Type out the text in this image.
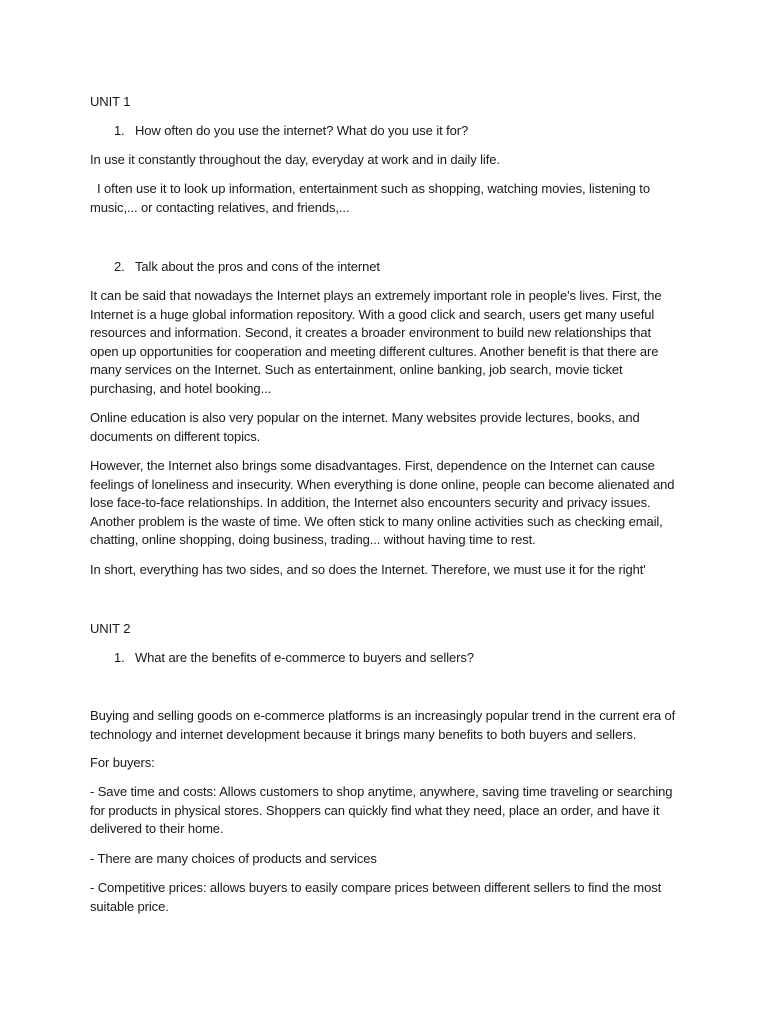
UNIT 1

1. How often do you use the internet? What do you use it for?

In use it constantly throughout the day, everyday at work and in daily life.

I often use it to look up information, entertainment such as shopping, watching movies, listening to music,... or contacting relatives, and friends,...

2. Talk about the pros and cons of the internet

It can be said that nowadays the Internet plays an extremely important role in people's lives. First, the Internet is a huge global information repository. With a good click and search, users get many useful resources and information. Second, it creates a broader environment to build new relationships that open up opportunities for cooperation and meeting different cultures. Another benefit is that there are many services on the Internet. Such as entertainment, online banking, job search, movie ticket purchasing, and hotel booking...

Online education is also very popular on the internet. Many websites provide lectures, books, and documents on different topics.

However, the Internet also brings some disadvantages. First, dependence on the Internet can cause feelings of loneliness and insecurity. When everything is done online, people can become alienated and lose face-to-face relationships. In addition, the Internet also encounters security and privacy issues. Another problem is the waste of time. We often stick to many online activities such as checking email, chatting, online shopping, doing business, trading... without having time to rest.

In short, everything has two sides, and so does the Internet. Therefore, we must use it for the right'

UNIT 2

1. What are the benefits of e-commerce to buyers and sellers?

Buying and selling goods on e-commerce platforms is an increasingly popular trend in the current era of technology and internet development because it brings many benefits to both buyers and sellers.

For buyers:

- Save time and costs: Allows customers to shop anytime, anywhere, saving time traveling or searching for products in physical stores. Shoppers can quickly find what they need, place an order, and have it delivered to their home.

- There are many choices of products and services

- Competitive prices: allows buyers to easily compare prices between different sellers to find the most suitable price.
